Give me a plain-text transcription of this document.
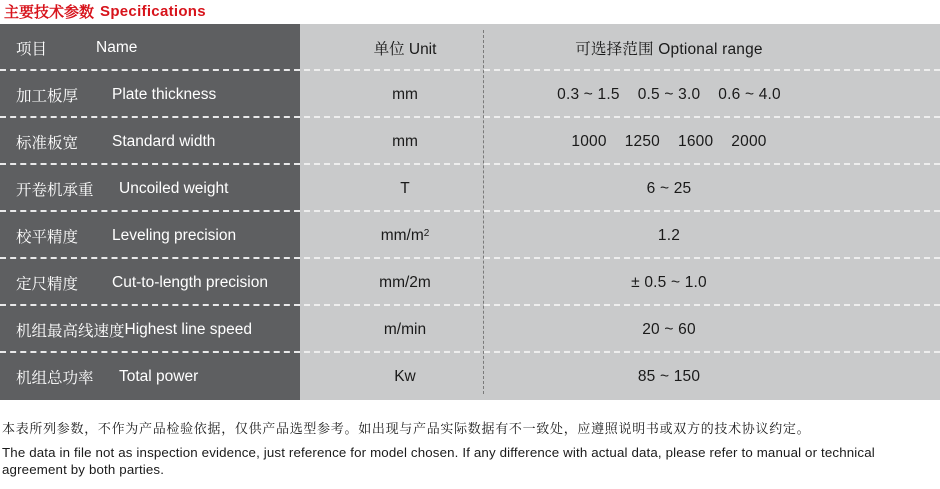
主要技术参数 Specifications
项目	Name	单位 Unit	可选择范围 Optional range
加工板厚	Plate thickness	mm	0.3 ~ 1.5    0.5 ~ 3.0    0.6 ~ 4.0
标准板宽	Standard width	mm	1000    1250    1600    2000
开卷机承重	Uncoiled weight	T	6 ~ 25
校平精度	Leveling precision	$mm/m^2$	1.2
定尺精度	Cut-to-length precision	mm/2m	± 0.5 ~ 1.0
机组最高线速度 Highest line speed	m/min	20 ~ 60
机组总功率	Total power	Kw	85 ~ 150
本表所列参数，不作为产品检验依据，仅供产品选型参考。如出现与产品实际数据有不一致处，应遵照说明书或双方的技术协议约定。
The data in file not as inspection evidence, just reference for model chosen. If any difference with actual data, please refer to manual or technical agreement by both parties.
